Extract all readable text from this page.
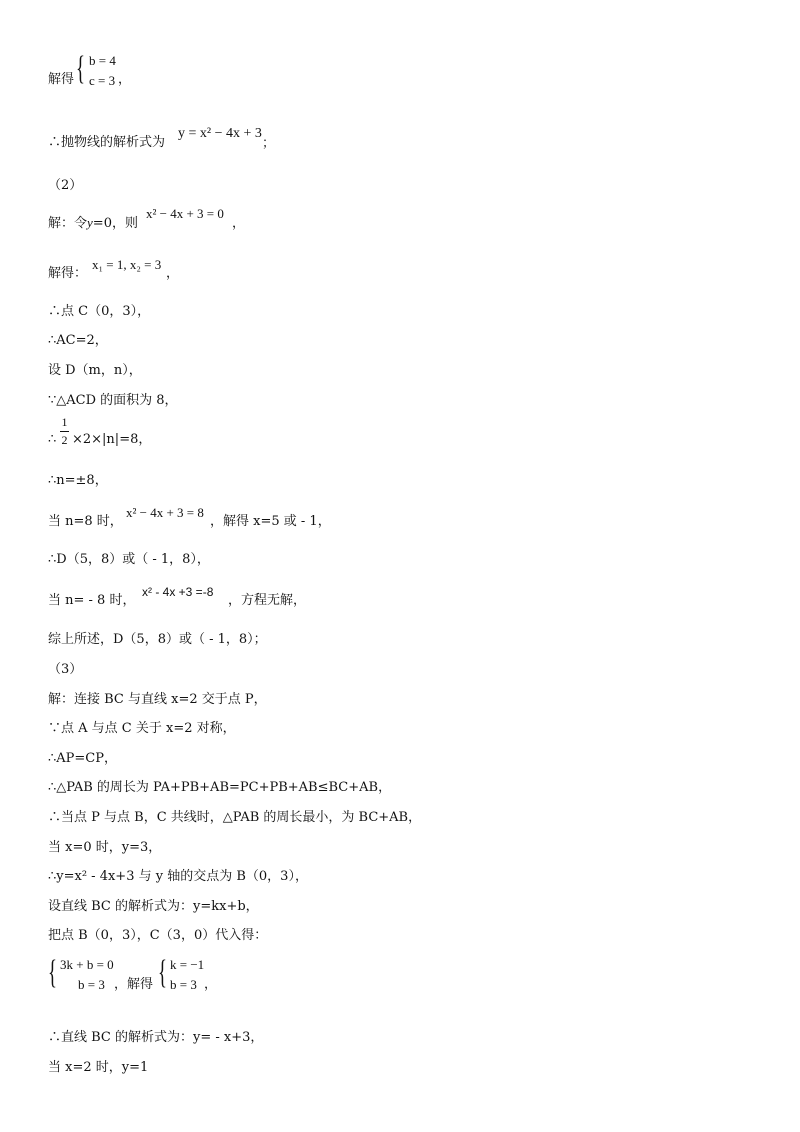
解得 { b = 4
c = 3 ，
∴抛物线的解析式为
y = x² − 4x + 3
；
（2）
解：令y=0，则
x² − 4x + 3 = 0
，
解得：
x₁ = 1, x₂ = 3
，
∴点 C（0，3），
∴AC=2，
设 D（m，n），
∵△ACD 的面积为 8，
∴
1
2 ×2×|n|=8，
∴n=±8，
当 n=8 时，
x² − 4x + 3 = 8
，解得 x=5 或 - 1，
∴D（5，8）或（ - 1，8），
当 n= - 8 时，
x² - 4x +3 =-8
，方程无解，
综上所述，D（5，8）或（ - 1，8）；
（3）
解：连接 BC 与直线 x=2 交于点 P，
∵点 A 与点 C 关于 x=2 对称，
∴AP=CP，
∴△PAB 的周长为 PA+PB+AB=PC+PB+AB≤BC+AB，
∴当点 P 与点 B，C 共线时，△PAB 的周长最小，为 BC+AB，
当 x=0 时，y=3，
∴y=x² - 4x+3 与 y 轴的交点为 B（0，3），
设直线 BC 的解析式为：y=kx+b，
把点 B（0，3），C（3，0）代入得：
{ 3k + b = 0
b = 3 ，解得 { k = −1
b = 3 ，
∴直线 BC 的解析式为：y= - x+3，
当 x=2 时，y=1
